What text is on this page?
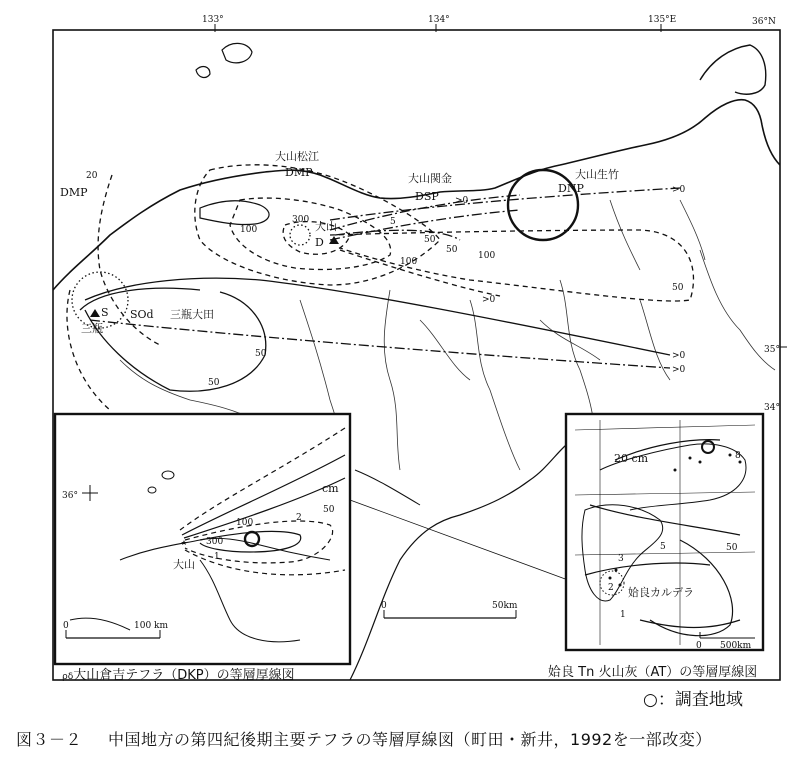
DMP
大山松江
DMP	大山関金
DSP
大山生竹
DNP
大山
D
三瓶
S SOd 三瓶大田
133°	134°	135°E	36°N
35°
34°
20
300
100
50
100
>0
>0
>0
>0
>0
50
50
50
50
5
100
0	50km
36°
cm
50
100
300
2
1
大山
0	100 km
20 cm
50
5
3
2
1
8
姶良カルデラ
0 500km
ρδ大山倉吉テフラ（DKP）の等層厚線図	姶良 Tn 火山灰（AT）の等層厚線図
○：調査地域
図３－２ 中国地方の第四紀後期主要テフラの等層厚線図（町田・新井，1992を一部改変）
